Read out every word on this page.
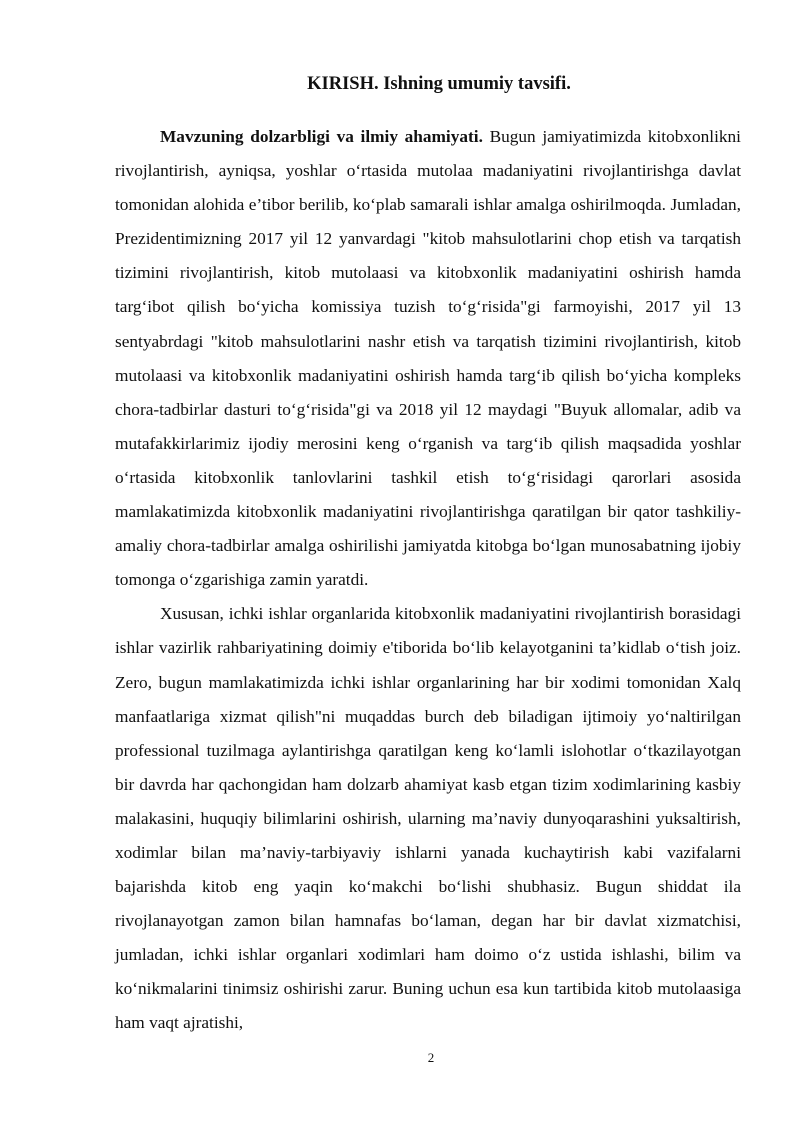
KIRISH. Ishning umumiy tavsifi.

Mavzuning dolzarbligi va ilmiy ahamiyati. Bugun jamiyatimizda kitobxonlikni rivojlantirish, ayniqsa, yoshlar o‘rtasida mutolaa madaniyatini rivojlantirishga davlat tomonidan alohida e’tibor berilib, ko‘plab samarali ishlar amalga oshirilmoqda. Jumladan, Prezidentimizning 2017 yil 12 yanvardagi "kitob mahsulotlarini chop etish va tarqatish tizimini rivojlantirish, kitob mutolaasi va kitobxonlik madaniyatini oshirish hamda targ‘ibot qilish bo‘yicha komissiya tuzish to‘g‘risida"gi farmoyishi, 2017 yil 13 sentyabrdagi "kitob mahsulotlarini nashr etish va tarqatish tizimini rivojlantirish, kitob mutolaasi va kitobxonlik madaniyatini oshirish hamda targ‘ib qilish bo‘yicha kompleks chora-tadbirlar dasturi to‘g‘risida"gi va 2018 yil 12 maydagi "Buyuk allomalar, adib va mutafakkirlarimiz ijodiy merosini keng o‘rganish va targ‘ib qilish maqsadida yoshlar o‘rtasida kitobxonlik tanlovlarini tashkil etish to‘g‘risidagi qarorlari asosida mamlakatimizda kitobxonlik madaniyatini rivojlantirishga qaratilgan bir qator tashkiliy-amaliy chora-tadbirlar amalga oshirilishi jamiyatda kitobga bo‘lgan munosabatning ijobiy tomonga o‘zgarishiga zamin yaratdi.

Xususan, ichki ishlar organlarida kitobxonlik madaniyatini rivojlantirish borasidagi ishlar vazirlik rahbariyatining doimiy e'tiborida bo‘lib kelayotganini ta’kidlab o‘tish joiz. Zero, bugun mamlakatimizda ichki ishlar organlarining har bir xodimi tomonidan Xalq manfaatlariga xizmat qilish"ni muqaddas burch deb biladigan ijtimoiy yo‘naltirilgan professional tuzilmaga aylantirishga qaratilgan keng ko‘lamli islohotlar o‘tkazilayotgan bir davrda har qachongidan ham dolzarb ahamiyat kasb etgan tizim xodimlarining kasbiy malakasini, huquqiy bilimlarini oshirish, ularning ma’naviy dunyoqarashini yuksaltirish, xodimlar bilan ma’naviy-tarbiyaviy ishlarni yanada kuchaytirish kabi vazifalarni bajarishda kitob eng yaqin ko‘makchi bo‘lishi shubhasiz. Bugun shiddat ila rivojlanayotgan zamon bilan hamnafas bo‘laman, degan har bir davlat xizmatchisi, jumladan, ichki ishlar organlari xodimlari ham doimo o‘z ustida ishlashi, bilim va ko‘nikmalarini tinimsiz oshirishi zarur. Buning uchun esa kun tartibida kitob mutolaasiga ham vaqt ajratishi,

2
